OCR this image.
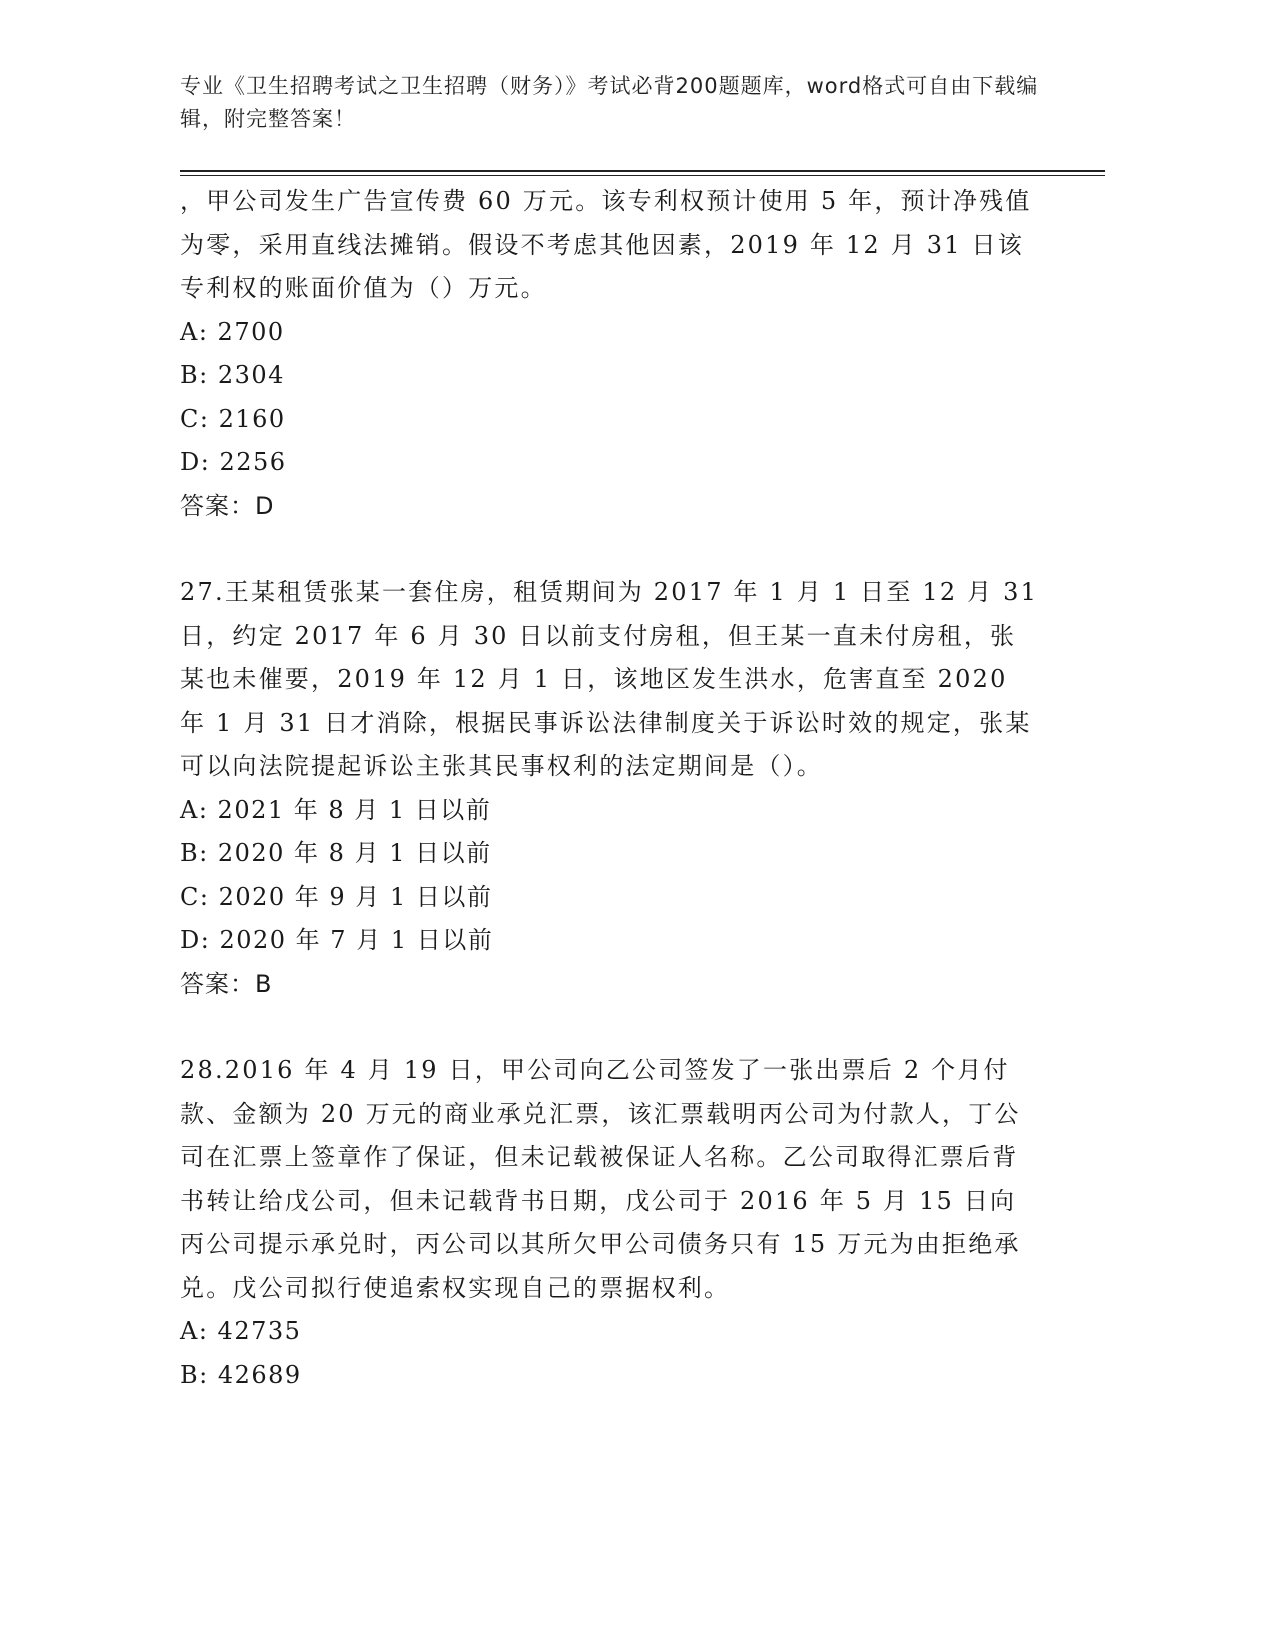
专业《卫生招聘考试之卫生招聘（财务）》考试必背200题题库，word格式可自由下载编辑，附完整答案！

，甲公司发生广告宣传费 60 万元。该专利权预计使用 5 年，预计净残值为零，采用直线法摊销。假设不考虑其他因素，2019 年 12 月 31 日该专利权的账面价值为（）万元。

A: 2700

B: 2304

C: 2160

D: 2256

答案：D

27.王某租赁张某一套住房，租赁期间为 2017 年 1 月 1 日至 12 月 31 日，约定 2017 年 6 月 30 日以前支付房租，但王某一直未付房租，张某也未催要，2019 年 12 月 1 日，该地区发生洪水，危害直至 2020 年 1 月 31 日才消除，根据民事诉讼法律制度关于诉讼时效的规定，张某可以向法院提起诉讼主张其民事权利的法定期间是（）。

A: 2021 年 8 月 1 日以前

B: 2020 年 8 月 1 日以前

C: 2020 年 9 月 1 日以前

D: 2020 年 7 月 1 日以前

答案：B

28.2016 年 4 月 19 日，甲公司向乙公司签发了一张出票后 2 个月付款、金额为 20 万元的商业承兑汇票，该汇票载明丙公司为付款人，丁公司在汇票上签章作了保证，但未记载被保证人名称。乙公司取得汇票后背书转让给戊公司，但未记载背书日期，戊公司于 2016 年 5 月 15 日向丙公司提示承兑时，丙公司以其所欠甲公司债务只有 15 万元为由拒绝承兑。戊公司拟行使追索权实现自己的票据权利。

A: 42735

B: 42689
